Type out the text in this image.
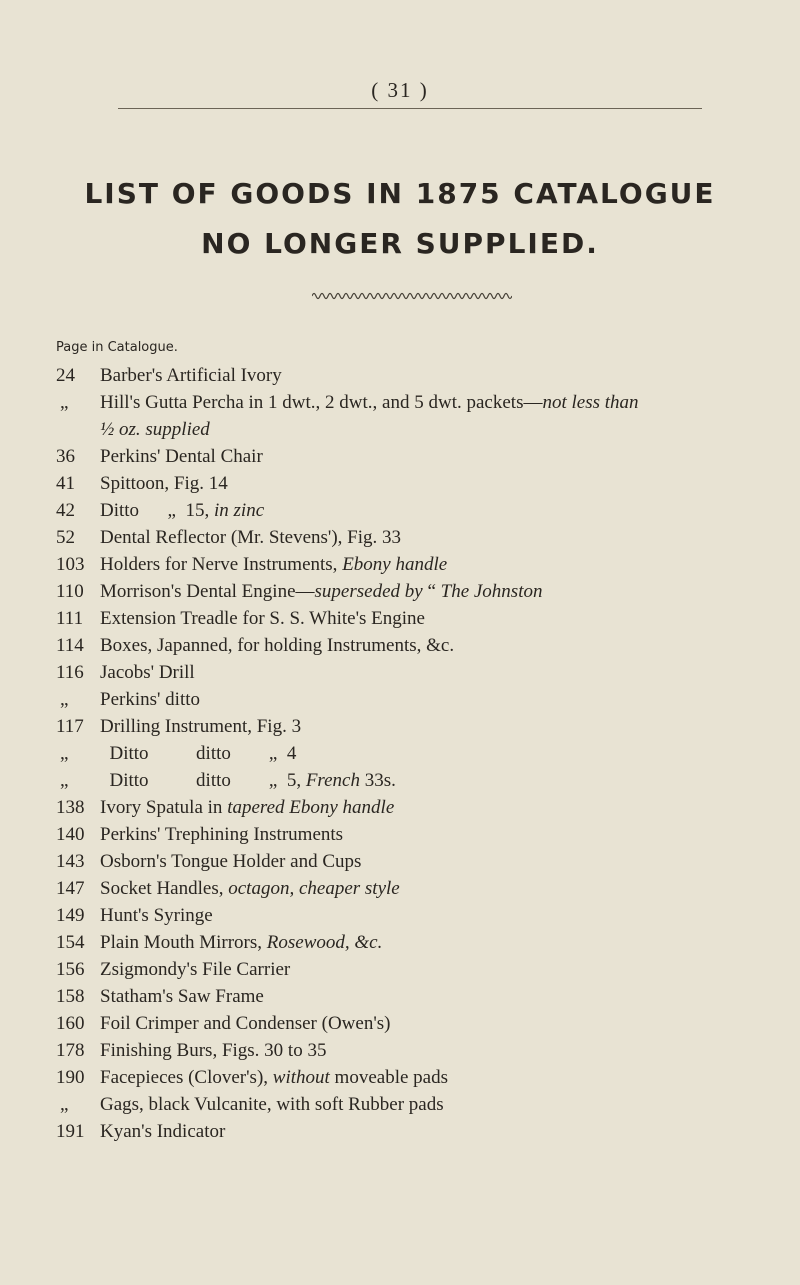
( 31 )
LIST OF GOODS IN 1875 CATALOGUE
NO LONGER SUPPLIED.
Page in Catalogue.
24	Barber's Artificial Ivory
„	Hill's Gutta Percha in 1 dwt., 2 dwt., and 5 dwt. packets—not less than
½ oz. supplied
36	Perkins' Dental Chair
41	Spittoon, Fig. 14
42	Ditto      „  15, in zinc
52	Dental Reflector (Mr. Stevens'), Fig. 33
103 Holders for Nerve Instruments, Ebony handle
110 Morrison's Dental Engine—superseded by “ The Johnston
111 Extension Treadle for S. S. White's Engine
114 Boxes, Japanned, for holding Instruments, &c.
116 Jacobs' Drill
„	Perkins' ditto
117 Drilling Instrument, Fig. 3
„	Ditto          ditto        „  4
„	Ditto          ditto        „  5, French 33s.
138 Ivory Spatula in tapered Ebony handle
140 Perkins' Trephining Instruments
143 Osborn's Tongue Holder and Cups
147 Socket Handles, octagon, cheaper style
149 Hunt's Syringe
154 Plain Mouth Mirrors, Rosewood, &c.
156 Zsigmondy's File Carrier
158 Statham's Saw Frame
160 Foil Crimper and Condenser (Owen's)
178 Finishing Burs, Figs. 30 to 35
190 Facepieces (Clover's), without moveable pads
„	Gags, black Vulcanite, with soft Rubber pads
191 Kyan's Indicator
